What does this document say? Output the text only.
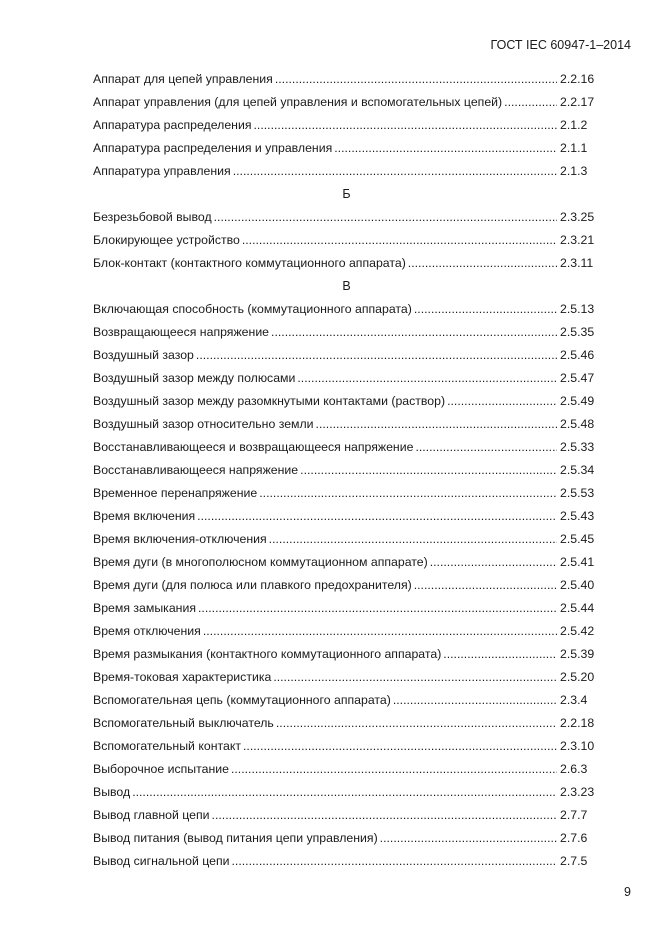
ГОСТ IEC 60947-1–2014
Аппарат для цепей управления .....	2.2.16
Аппарат управления (для цепей управления и вспомогательных цепей) .....	2.2.17
Аппаратура распределения .....	2.1.2
Аппаратура распределения и управления .....	2.1.1
Аппаратура управления .....	2.1.3
Б
Безрезьбовой вывод .....	2.3.25
Блокирующее устройство .....	2.3.21
Блок-контакт (контактного коммутационного аппарата) .....	2.3.11
В
Включающая способность (коммутационного аппарата) .....	2.5.13
Возвращающееся напряжение .....	2.5.35
Воздушный зазор .....	2.5.46
Воздушный зазор между полюсами .....	2.5.47
Воздушный зазор между разомкнутыми контактами (раствор) .....	2.5.49
Воздушный зазор относительно земли .....	2.5.48
Восстанавливающееся и возвращающееся напряжение .....	2.5.33
Восстанавливающееся напряжение .....	2.5.34
Временное перенапряжение .....	2.5.53
Время включения .....	2.5.43
Время включения-отключения .....	2.5.45
Время дуги (в многополюсном коммутационном аппарате) .....	2.5.41
Время дуги (для полюса или плавкого предохранителя) .....	2.5.40
Время замыкания .....	2.5.44
Время отключения .....	2.5.42
Время размыкания (контактного коммутационного аппарата) .....	2.5.39
Время-токовая характеристика .....	2.5.20
Вспомогательная цепь (коммутационного аппарата) .....	2.3.4
Вспомогательный выключатель .....	2.2.18
Вспомогательный контакт .....	2.3.10
Выборочное испытание .....	2.6.3
Вывод .....	2.3.23
Вывод главной цепи .....	2.7.7
Вывод питания (вывод питания цепи управления) .....	2.7.6
Вывод сигнальной цепи .....	2.7.5
9
